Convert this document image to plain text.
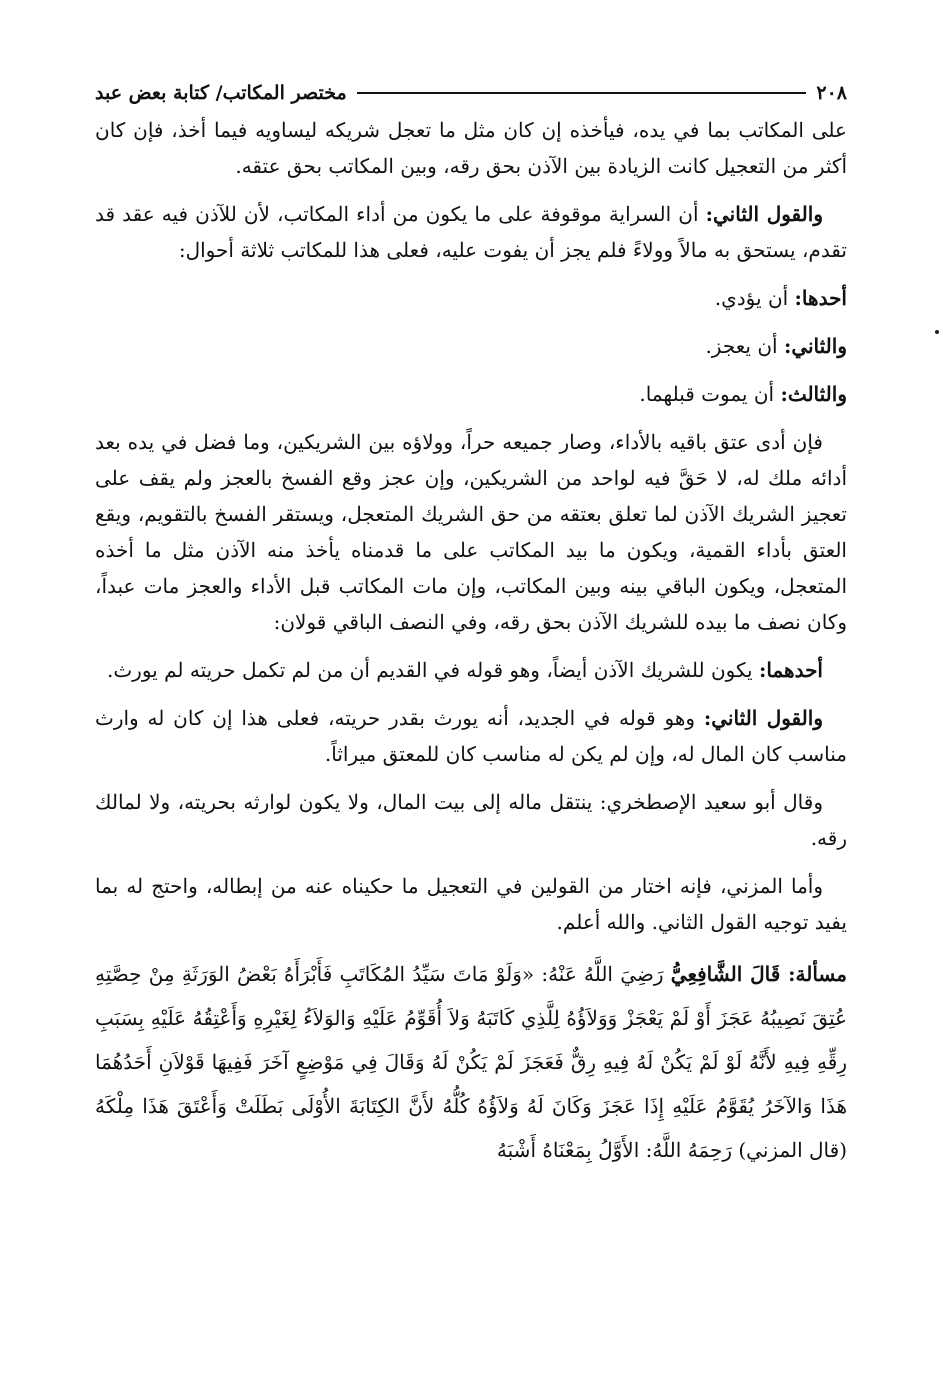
٢٠٨
مختصر المكاتب/ كتابة بعض عبد

على المكاتب بما في يده، فيأخذه إن كان مثل ما تعجل شريكه ليساويه فيما أخذ، فإن كان أكثر من التعجيل كانت الزيادة بين الآذن بحق رقه، وبين المكاتب بحق عتقه.

والقول الثاني: أن السراية موقوفة على ما يكون من أداء المكاتب، لأن للآذن فيه عقد قد تقدم، يستحق به مالاً وولاءً فلم يجز أن يفوت عليه، فعلى هذا للمكاتب ثلاثة أحوال:

أحدها: أن يؤدي.

والثاني: أن يعجز.

والثالث: أن يموت قبلهما.

فإن أدى عتق باقيه بالأداء، وصار جميعه حراً، وولاؤه بين الشريكين، وما فضل في يده بعد أدائه ملك له، لا حَقَّ فيه لواحد من الشريكين، وإن عجز وقع الفسخ بالعجز ولم يقف على تعجيز الشريك الآذن لما تعلق بعتقه من حق الشريك المتعجل، ويستقر الفسخ بالتقويم، ويقع العتق بأداء القمية، ويكون ما بيد المكاتب على ما قدمناه يأخذ منه الآذن مثل ما أخذه المتعجل، ويكون الباقي بينه وبين المكاتب، وإن مات المكاتب قبل الأداء والعجز مات عبداً، وكان نصف ما بيده للشريك الآذن بحق رقه، وفي النصف الباقي قولان:

أحدهما: يكون للشريك الآذن أيضاً، وهو قوله في القديم أن من لم تكمل حريته لم يورث.

والقول الثاني: وهو قوله في الجديد، أنه يورث بقدر حريته، فعلى هذا إن كان له وارث مناسب كان المال له، وإن لم يكن له مناسب كان للمعتق ميراثاً.

وقال أبو سعيد الإصطخري: ينتقل ماله إلى بيت المال، ولا يكون لوارثه بحريته، ولا لمالك رقه.

وأما المزني، فإنه اختار من القولين في التعجيل ما حكيناه عنه من إبطاله، واحتج له بما يفيد توجيه القول الثاني. والله أعلم.

مسألة: قَالَ الشَّافِعِيُّ رَضِيَ اللَّهُ عَنْهُ: «وَلَوْ مَاتَ سَيِّدُ المُكَاتَبِ فَأَبْرَأَهُ بَعْضُ الوَرَثَةِ مِنْ حِصَّتِهِ عُتِقَ نَصِيبُهُ عَجَزَ أَوْ لَمْ يَعْجَزْ وَوَلاَؤُهُ لِلَّذِي كَاتَبَهُ وَلاَ أُقَوِّمُ عَلَيْهِ وَالوَلاَءُ لِغَيْرِهِ وَأَعْتِقُهُ عَلَيْهِ بِسَبَبِ رِقِّهِ فِيهِ لأَنَّهُ لَوْ لَمْ يَكُنْ لَهُ فِيهِ رِقٌّ فَعَجَزَ لَمْ يَكُنْ لَهُ وَقَالَ فِي مَوْضِعٍ آخَرَ فَفِيهَا قَوْلاَنِ أَحَدُهُمَا هَذَا وَالآخَرُ يُقَوَّمُ عَلَيْهِ إِذَا عَجَزَ وَكَانَ لَهُ وَلاَؤُهُ كُلُّهُ لأَنَّ الكِتَابَةَ الأُوْلَى بَطَلَتْ وَأَعْتَقَ هَذَا مِلْكَهُ (قال المزني) رَحِمَهُ اللَّهُ: الأَوَّلُ بِمَعْنَاهُ أَشْبَهُ
